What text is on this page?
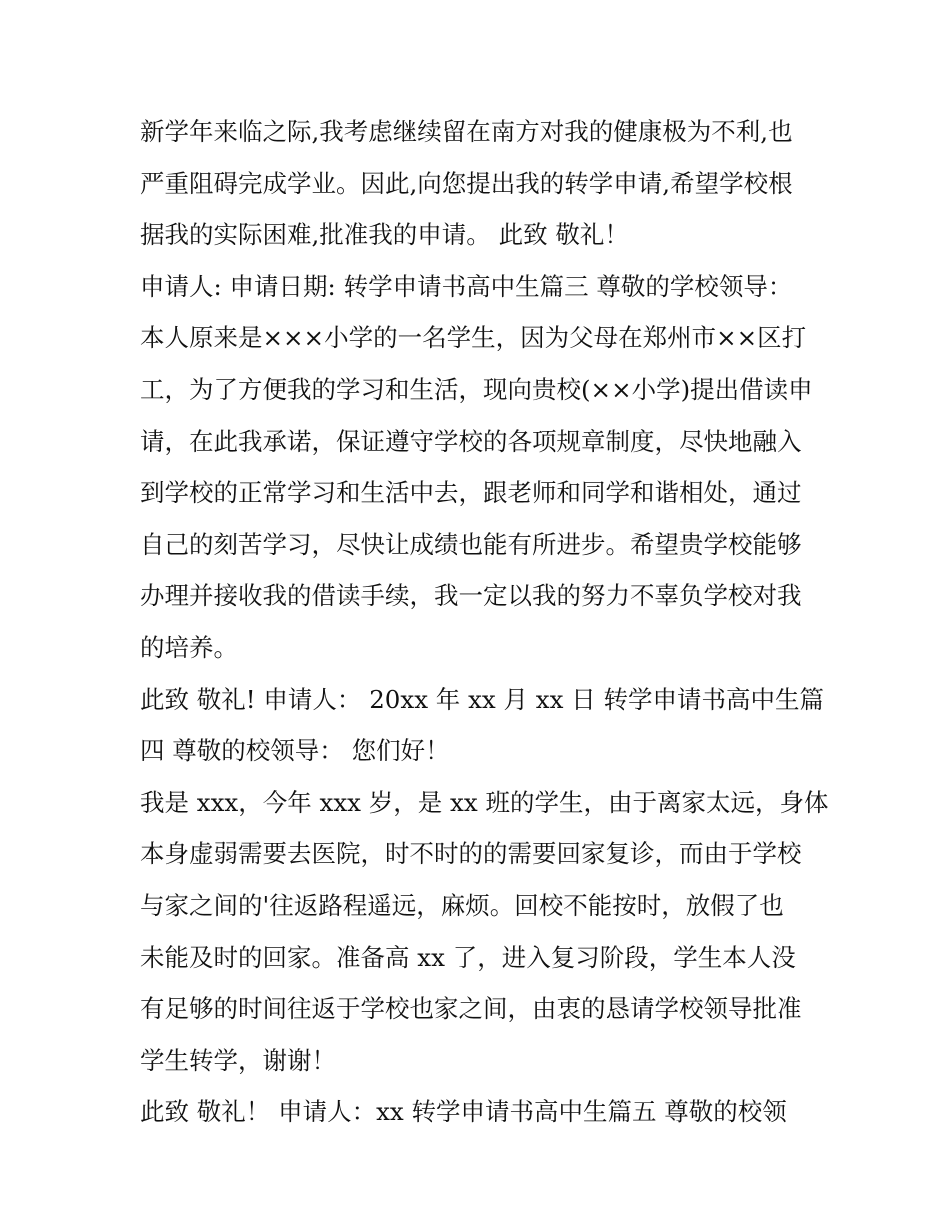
新学年来临之际,我考虑继续留在南方对我的健康极为不利,也
严重阻碍完成学业。因此,向您提出我的转学申请,希望学校根
据我的实际困难,批准我的申请。 此致 敬礼！
申请人: 申请日期: 转学申请书高中生篇三 尊敬的学校领导：
本人原来是×××小学的一名学生，因为父母在郑州市××区打
工，为了方便我的学习和生活，现向贵校(××小学)提出借读申
请，在此我承诺，保证遵守学校的各项规章制度，尽快地融入
到学校的正常学习和生活中去，跟老师和同学和谐相处，通过
自己的刻苦学习，尽快让成绩也能有所进步。希望贵学校能够
办理并接收我的借读手续，我一定以我的努力不辜负学校对我
的培养。
此致 敬礼! 申请人： 20xx 年 xx 月 xx 日 转学申请书高中生篇
四 尊敬的校领导： 您们好！
我是 xxx，今年 xxx 岁，是 xx 班的学生，由于离家太远，身体
本身虚弱需要去医院，时不时的的需要回家复诊，而由于学校
与家之间的'往返路程遥远，麻烦。回校不能按时，放假了也
未能及时的回家。准备高 xx 了，进入复习阶段，学生本人没
有足够的时间往返于学校也家之间，由衷的恳请学校领导批准
学生转学，谢谢！
此致 敬礼！ 申请人：xx 转学申请书高中生篇五 尊敬的校领
